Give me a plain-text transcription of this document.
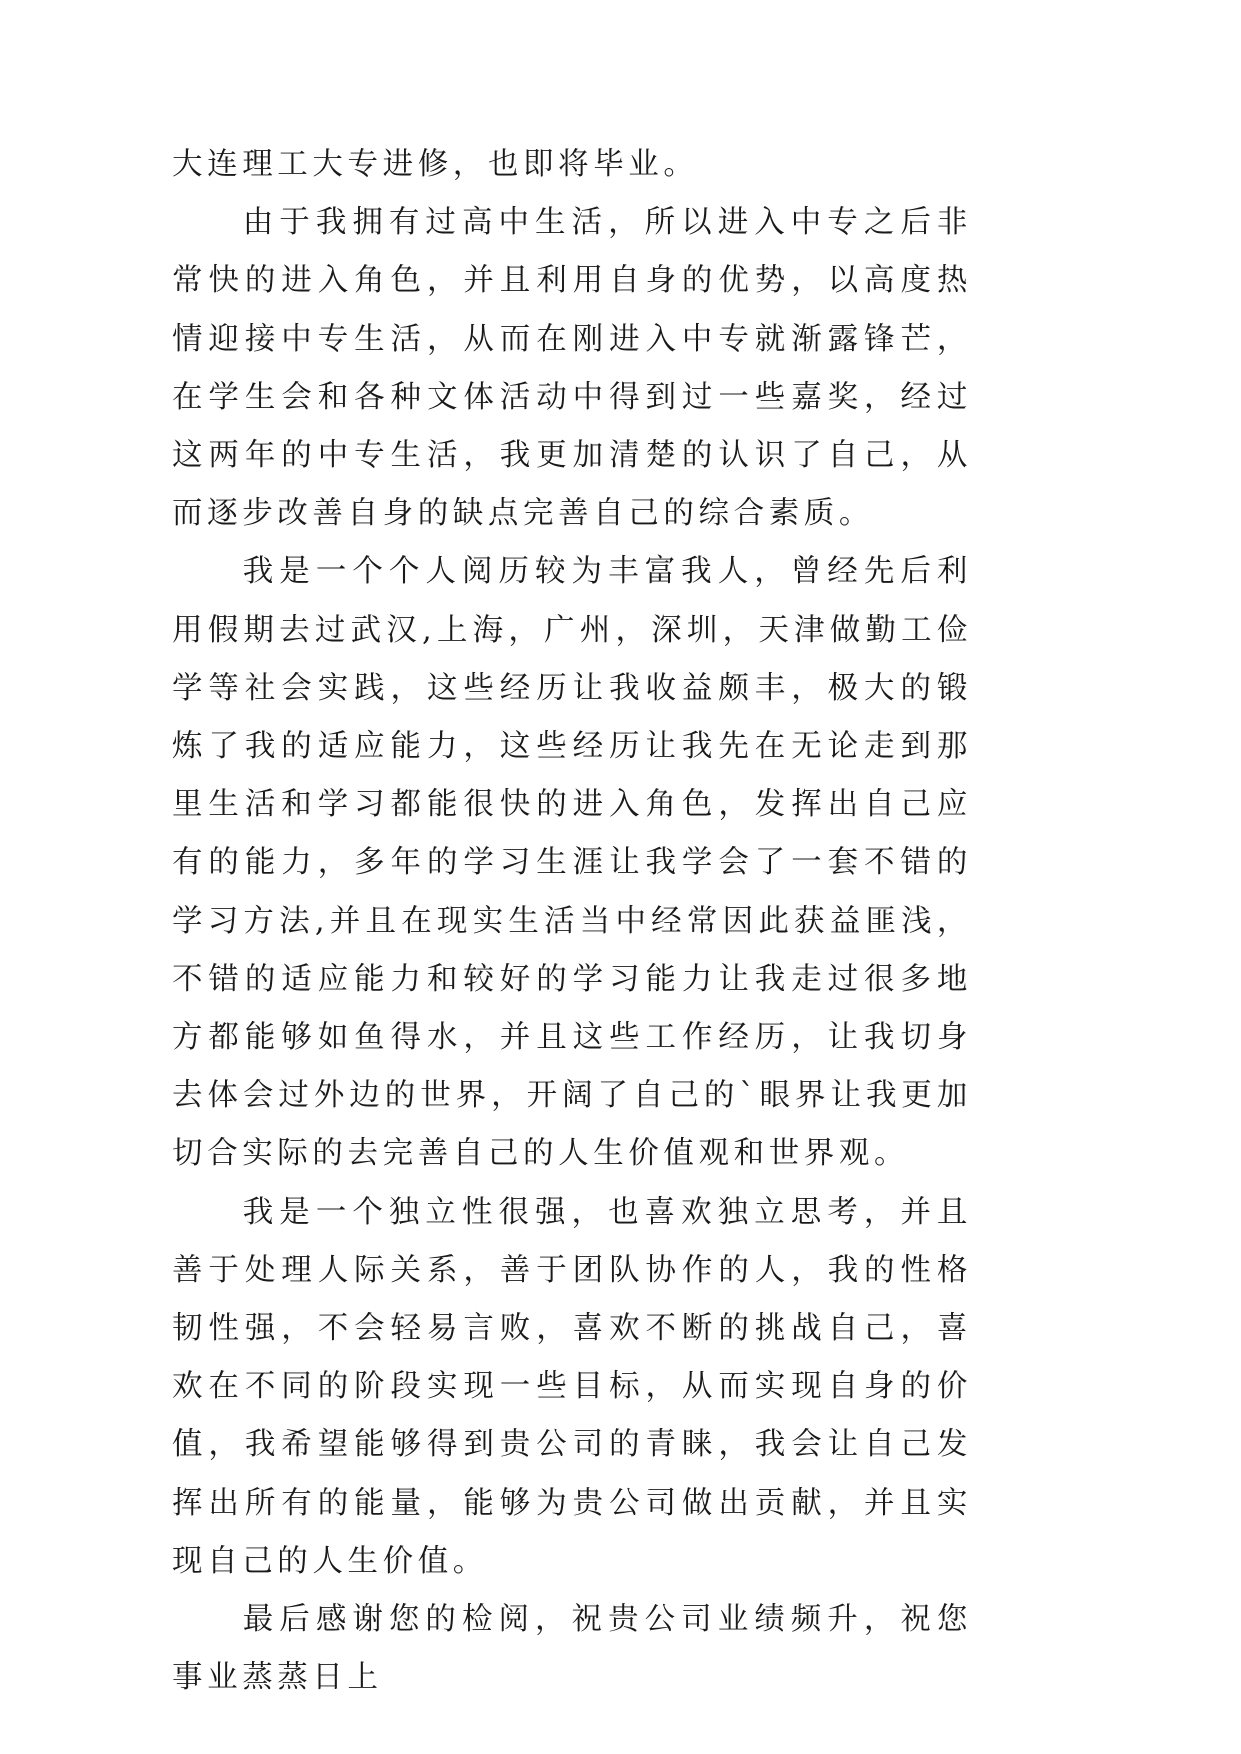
大连理工大专进修，也即将毕业。

由于我拥有过高中生活，所以进入中专之后非常快的进入角色，并且利用自身的优势，以高度热情迎接中专生活，从而在刚进入中专就渐露锋芒，在学生会和各种文体活动中得到过一些嘉奖，经过这两年的中专生活，我更加清楚的认识了自己，从而逐步改善自身的缺点完善自己的综合素质。

我是一个个人阅历较为丰富我人，曾经先后利用假期去过武汉,上海，广州，深圳，天津做勤工俭学等社会实践，这些经历让我收益颇丰，极大的锻炼了我的适应能力，这些经历让我先在无论走到那里生活和学习都能很快的进入角色，发挥出自己应有的能力，多年的学习生涯让我学会了一套不错的学习方法,并且在现实生活当中经常因此获益匪浅，不错的适应能力和较好的学习能力让我走过很多地方都能够如鱼得水，并且这些工作经历，让我切身去体会过外边的世界，开阔了自己的`眼界让我更加切合实际的去完善自己的人生价值观和世界观。

我是一个独立性很强，也喜欢独立思考，并且善于处理人际关系，善于团队协作的人，我的性格韧性强，不会轻易言败，喜欢不断的挑战自己，喜欢在不同的阶段实现一些目标，从而实现自身的价值，我希望能够得到贵公司的青睐，我会让自己发挥出所有的能量，能够为贵公司做出贡献，并且实现自己的人生价值。

最后感谢您的检阅，祝贵公司业绩频升，祝您事业蒸蒸日上
